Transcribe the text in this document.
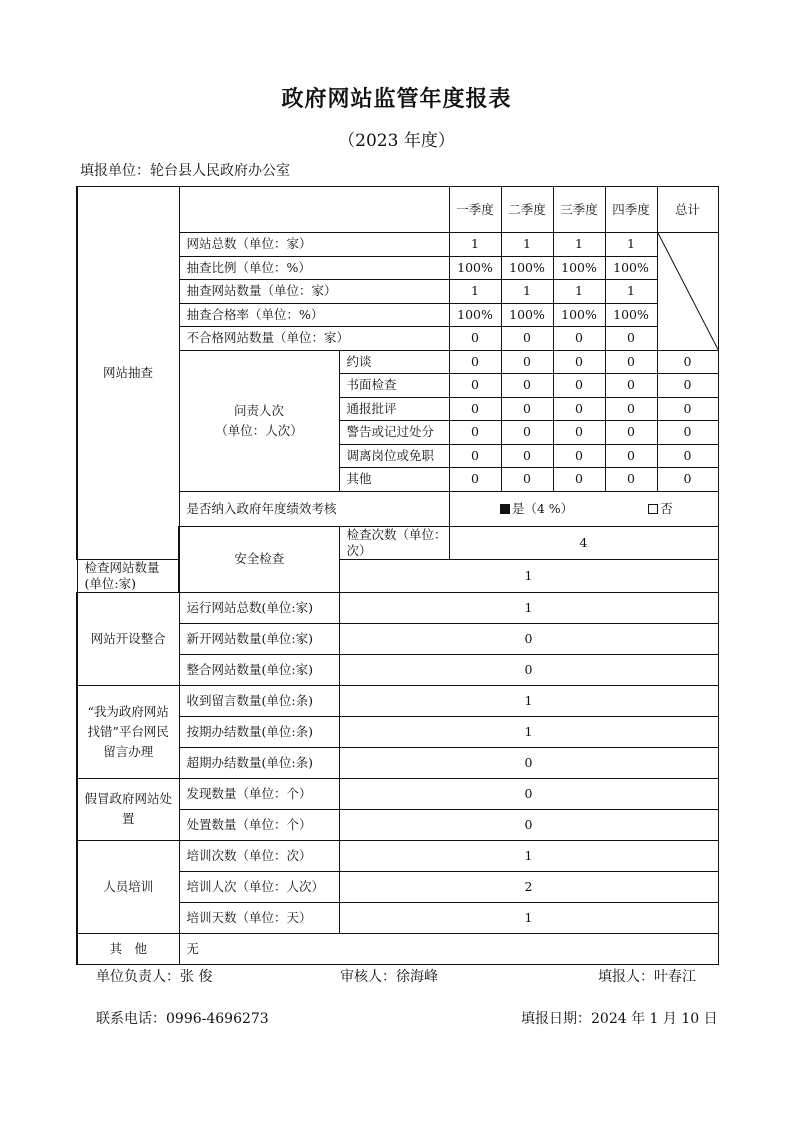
政府网站监管年度报表
（2023 年度）
填报单位：轮台县人民政府办公室
网站抽查			一季度	二季度	三季度	四季度	总计
	网站总数（单位：家）		1	1	1	1	

	抽查比例（单位：%）		100%	100%	100%	100%	
	抽查网站数量（单位：家）		1	1	1	1	
	抽查合格率（单位：%）		100%	100%	100%	100%	
	不合格网站数量（单位：家）		0	0	0	0	

	问责人次
（单位：人次）	约谈	0	0	0	0	0
		书面检查	0	0	0	0	0
		通报批评	0	0	0	0	0
		警告或记过处分	0	0	0	0	0
		调离岗位或免职	0	0	0	0	0
		其他	0	0	0	0	0
	是否纳入政府年度绩效考核		是（4 %） 否				
	安全检查	检查次数（单位：次）	4				
检查网站数量(单位:家)		1					
网站开设整合	运行网站总数(单位:家)	1					
	新开网站数量(单位:家)	0					
	整合网站数量(单位:家)	0					
“我为政府网站找错”平台网民留言办理	收到留言数量(单位:条)	1					
	按期办结数量(单位:条)	1					
	超期办结数量(单位:条)	0					
假冒政府网站处置	发现数量（单位：个）	0					
	处置数量（单位：个）	0					
人员培训	培训次数（单位：次）	1					
	培训人次（单位：人次）	2					
	培训天数（单位：天）	1					
其　他	无						
单位负责人：张 俊	审核人：徐海峰	填报人：叶春江
联系电话：0996-4696273	填报日期：2024 年 1 月 10 日
